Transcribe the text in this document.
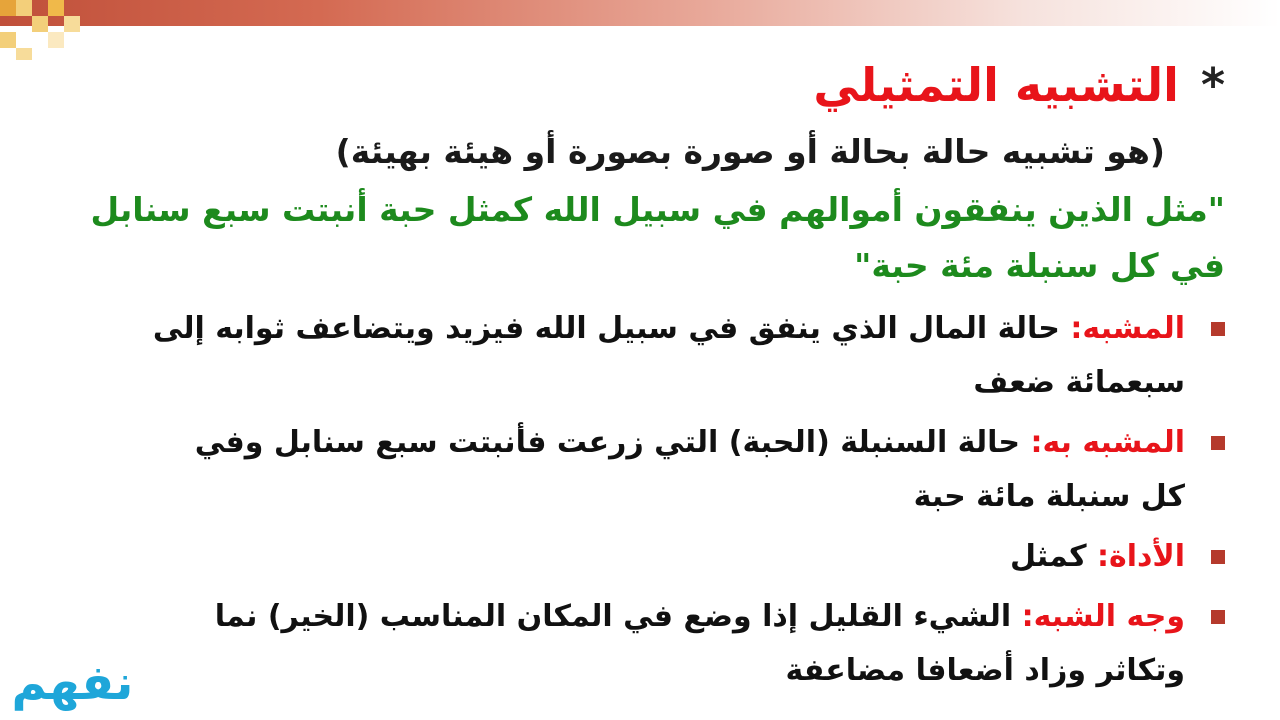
*التشبيه التمثيلي
(هو تشبيه حالة بحالة أو صورة بصورة أو هيئة بهيئة)
"مثل الذين ينفقون أموالهم في سبيل الله كمثل حبة أنبتت سبع سنابل
في كل سنبلة مئة حبة"
المشبه: حالة المال الذي ينفق في سبيل الله فيزيد ويتضاعف ثوابه إلى
سبعمائة ضعف
المشبه به: حالة السنبلة (الحبة) التي زرعت فأنبتت سبع سنابل وفي
كل سنبلة مائة حبة
الأداة: كمثل
وجه الشبه: الشيء القليل إذا وضع في المكان المناسب (الخير) نما
وتكاثر وزاد أضعافا مضاعفة
نفهم
